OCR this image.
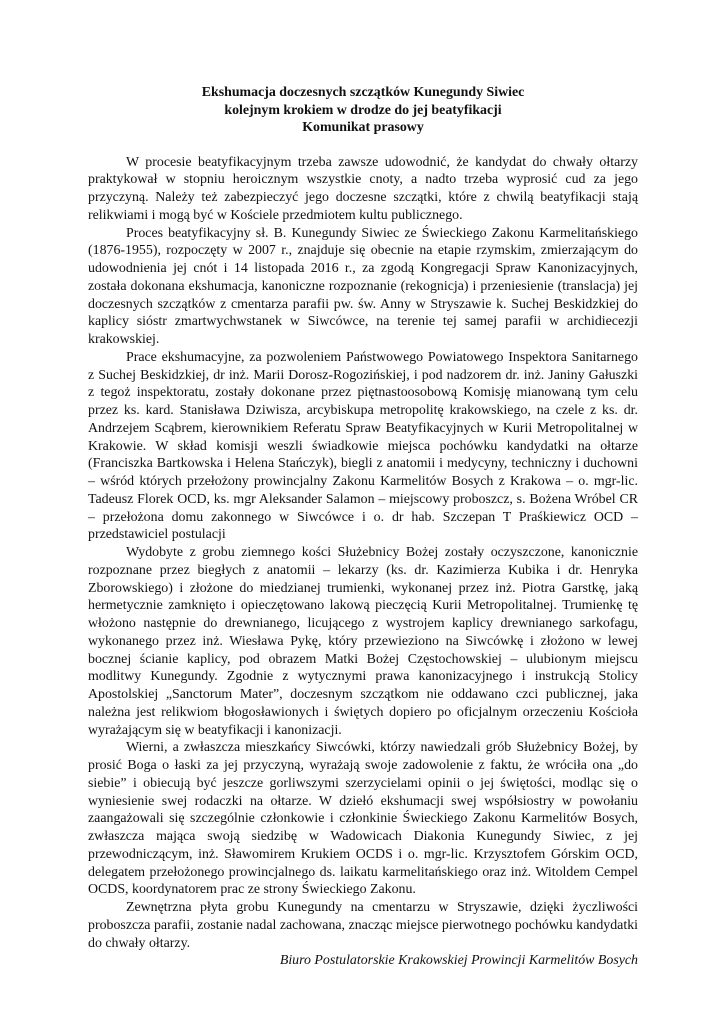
Ekshumacja doczesnych szczątków Kunegundy Siwiec

kolejnym krokiem w drodze do jej beatyfikacji

Komunikat prasowy

W procesie beatyfikacyjnym trzeba zawsze udowodnić, że kandydat do chwały ołtarzy praktykował w stopniu heroicznym wszystkie cnoty, a nadto trzeba wyprosić cud za jego przyczyną. Należy też zabezpieczyć jego doczesne szczątki, które z chwilą beatyfikacji stają relikwiami i mogą być w Kościele przedmiotem kultu publicznego.

Proces beatyfikacyjny sł. B. Kunegundy Siwiec ze Świeckiego Zakonu Karmelitańskiego (1876-1955), rozpoczęty w 2007 r., znajduje się obecnie na etapie rzymskim, zmierzającym do udowodnienia jej cnót i 14 listopada 2016 r., za zgodą Kongregacji Spraw Kanonizacyjnych, została dokonana ekshumacja, kanoniczne rozpoznanie (rekognicja) i przeniesienie (translacja) jej doczesnych szczątków z cmentarza parafii pw. św. Anny w Stryszawie k. Suchej Beskidzkiej do kaplicy sióstr zmartwychwstanek w Siwcówce, na terenie tej samej parafii w archidiecezji krakowskiej.

Prace ekshumacyjne, za pozwoleniem Państwowego Powiatowego Inspektora Sanitarnego z Suchej Beskidzkiej, dr inż. Marii Dorosz-Rogozińskiej, i pod nadzorem dr. inż. Janiny Gałuszki z tegoż inspektoratu, zostały dokonane przez piętnastoosobową Komisję mianowaną tym celu przez ks. kard. Stanisława Dziwisza, arcybiskupa metropolitę krakowskiego, na czele z ks. dr. Andrzejem Scąbrem, kierownikiem Referatu Spraw Beatyfikacyjnych w Kurii Metropolitalnej w Krakowie. W skład komisji weszli świadkowie miejsca pochówku kandydatki na ołtarze (Franciszka Bartkowska i Helena Stańczyk), biegli z anatomii i medycyny, techniczny i duchowni – wśród których przełożony prowincjalny Zakonu Karmelitów Bosych z Krakowa – o. mgr-lic. Tadeusz Florek OCD, ks. mgr Aleksander Salamon – miejscowy proboszcz, s. Bożena Wróbel CR – przełożona domu zakonnego w Siwcówce i o. dr hab. Szczepan T Praśkiewicz OCD – przedstawiciel postulacji

Wydobyte z grobu ziemnego kości Służebnicy Bożej zostały oczyszczone, kanonicznie rozpoznane przez biegłych z anatomii – lekarzy (ks. dr. Kazimierza Kubika i dr. Henryka Zborowskiego) i złożone do miedzianej trumienki, wykonanej przez inż. Piotra Garstkę, jaką hermetycznie zamknięto i opieczętowano lakową pieczęcią Kurii Metropolitalnej. Trumienkę tę włożono następnie do drewnianego, licującego z wystrojem kaplicy drewnianego sarkofagu, wykonanego przez inż. Wiesława Pykę, który przewieziono na Siwcówkę i złożono w lewej bocznej ścianie kaplicy, pod obrazem Matki Bożej Częstochowskiej – ulubionym miejscu modlitwy Kunegundy. Zgodnie z wytycznymi prawa kanonizacyjnego i instrukcją Stolicy Apostolskiej „Sanctorum Mater”, doczesnym szczątkom nie oddawano czci publicznej, jaka należna jest relikwiom błogosławionych i świętych dopiero po oficjalnym orzeczeniu Kościoła wyrażającym się w beatyfikacji i kanonizacji.

Wierni, a zwłaszcza mieszkańcy Siwcówki, którzy nawiedzali grób Służebnicy Bożej, by prosić Boga o łaski za jej przyczyną, wyrażają swoje zadowolenie z faktu, że wróciła ona „do siebie” i obiecują być jeszcze gorliwszymi szerzycielami opinii o jej świętości, modląc się o wyniesienie swej rodaczki na ołtarze. W dziełó ekshumacji swej współsiostry w powołaniu zaangażowali się szczególnie członkowie i członkinie Świeckiego Zakonu Karmelitów Bosych, zwłaszcza mająca swoją siedzibę w Wadowicach Diakonia Kunegundy Siwiec, z jej przewodniczącym, inż. Sławomirem Krukiem OCDS i o. mgr-lic. Krzysztofem Górskim OCD, delegatem przełożonego prowincjalnego ds. laikatu karmelitańskiego oraz inż. Witoldem Cempel OCDS, koordynatorem prac ze strony Świeckiego Zakonu.

Zewnętrzna płyta grobu Kunegundy na cmentarzu w Stryszawie, dzięki życzliwości proboszcza parafii, zostanie nadal zachowana, znacząc miejsce pierwotnego pochówku kandydatki do chwały ołtarzy.

Biuro Postulatorskie Krakowskiej Prowincji Karmelitów Bosych
